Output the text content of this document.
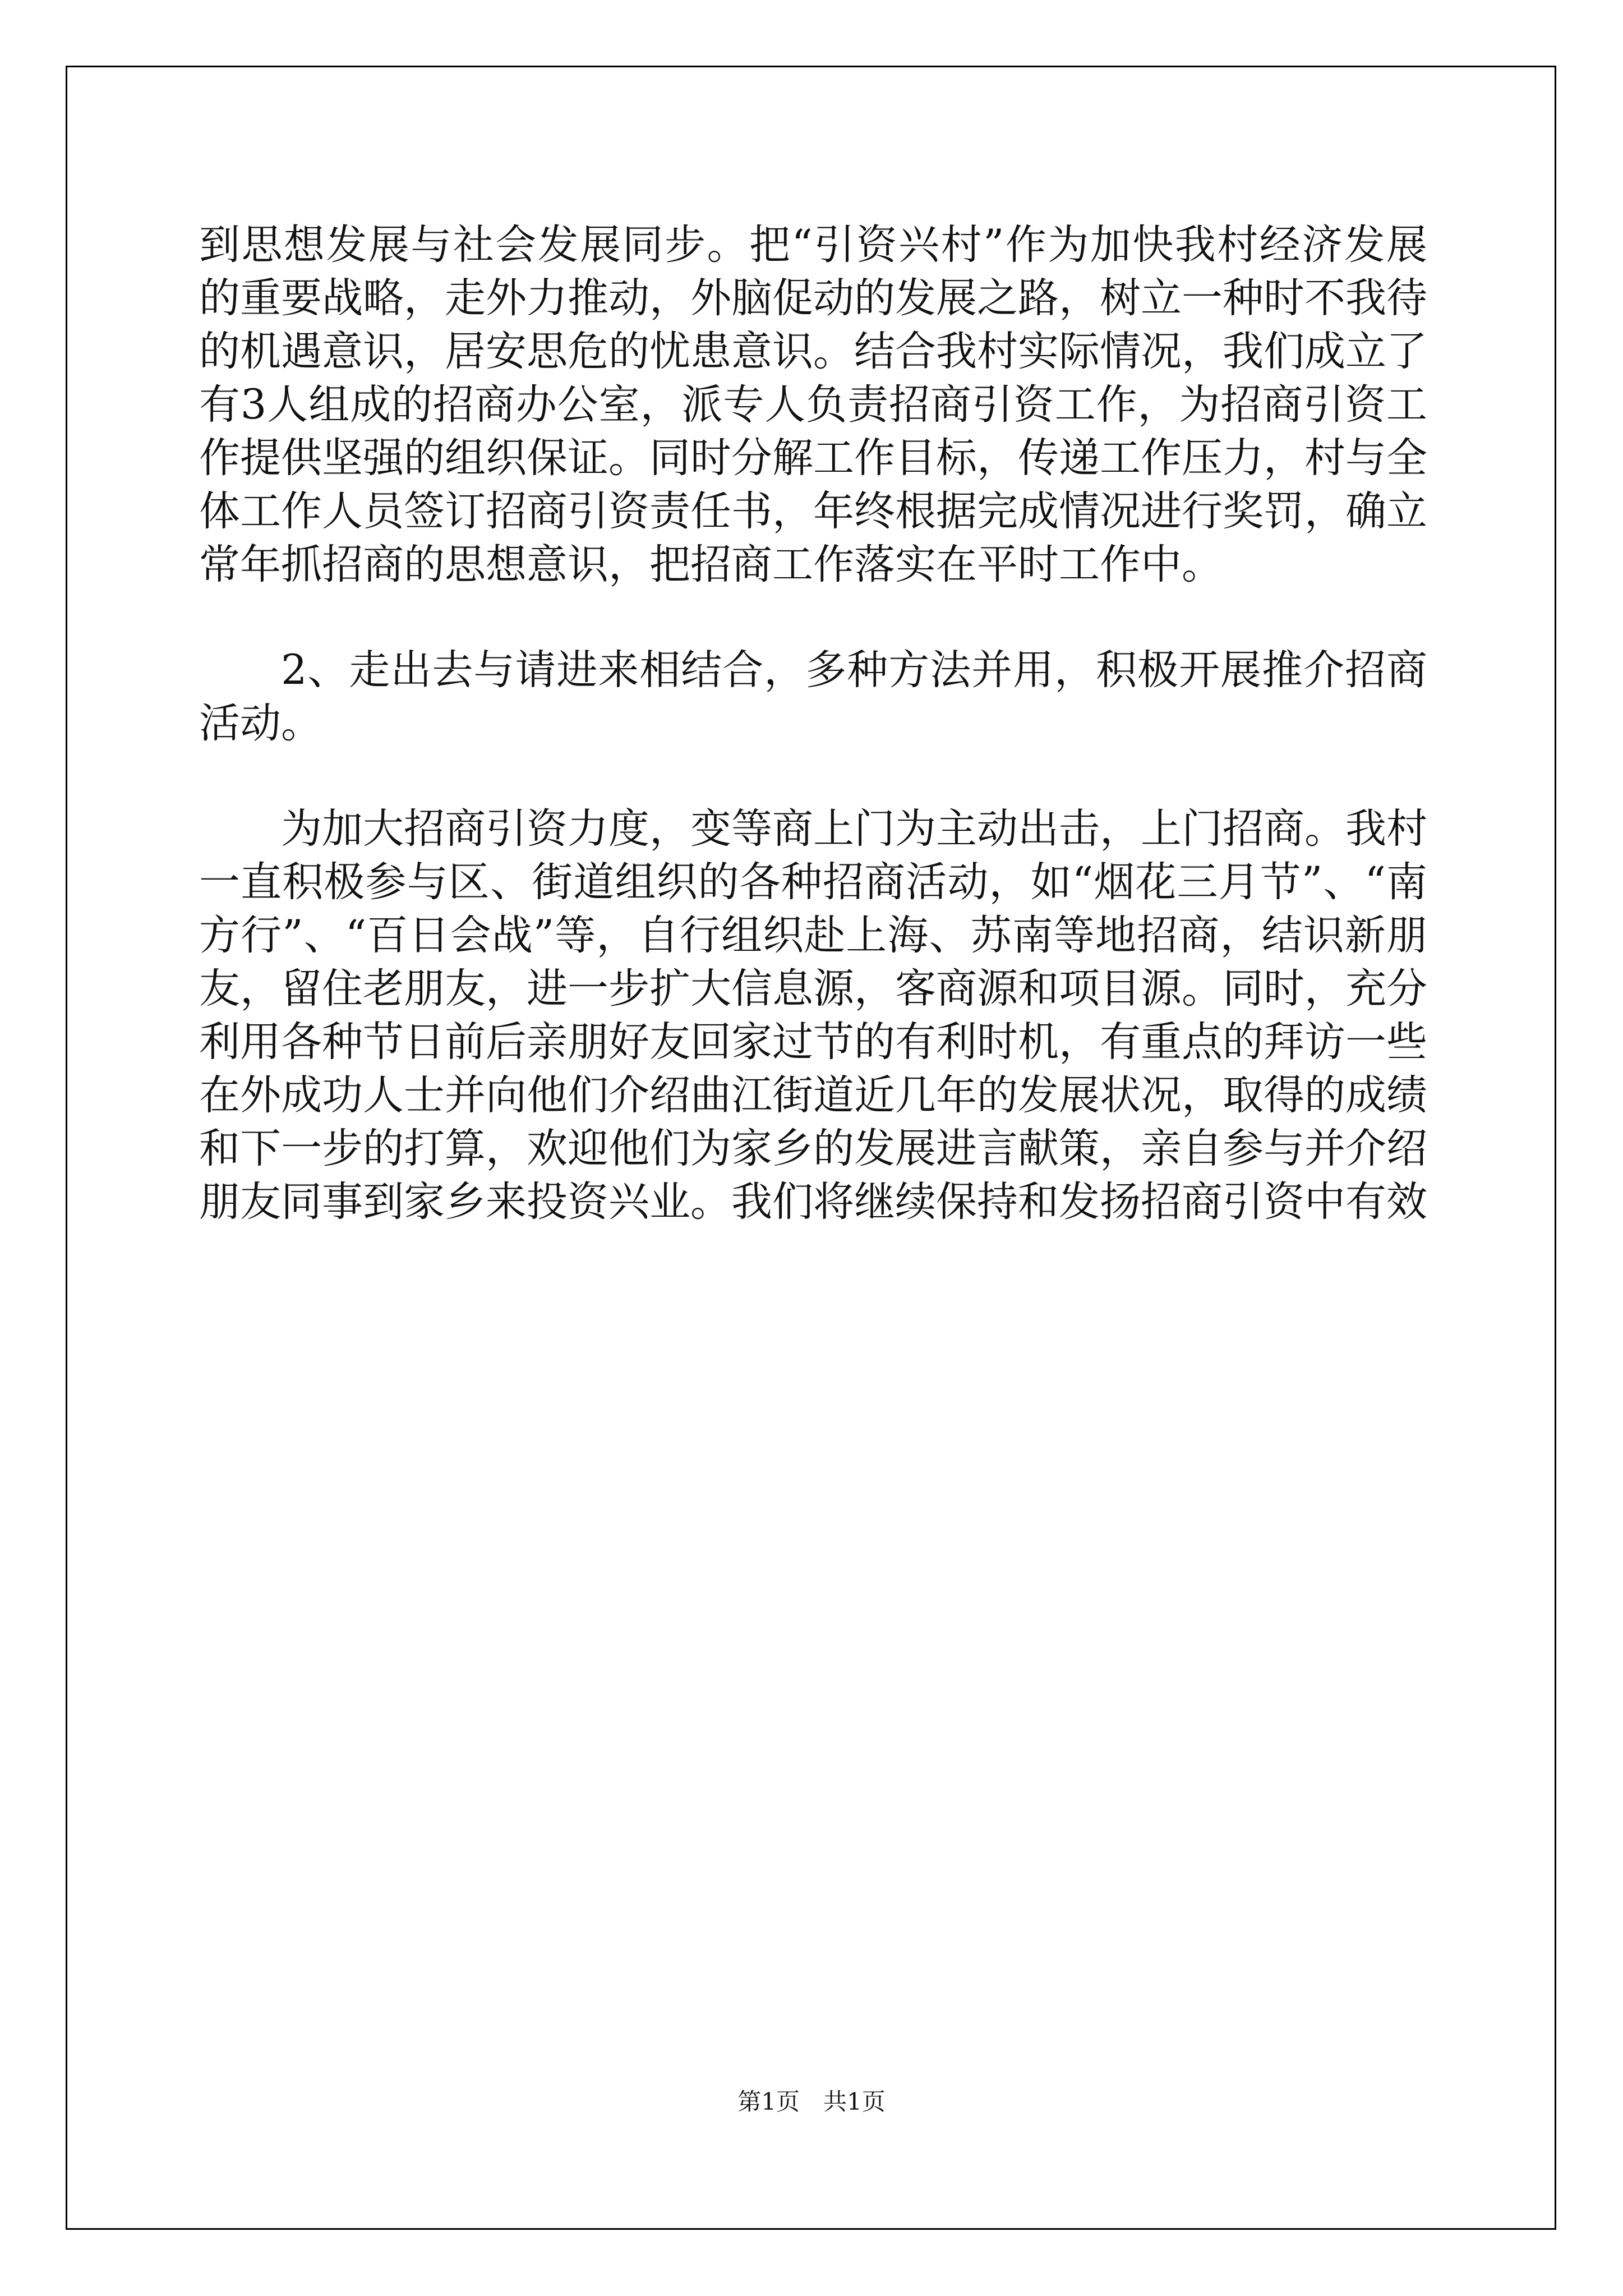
到思想发展与社会发展同步。把“引资兴村”作为加快我村经济发展的重要战略，走外力推动，外脑促动的发展之路，树立一种时不我待的机遇意识，居安思危的忧患意识。结合我村实际情况，我们成立了有3人组成的招商办公室，派专人负责招商引资工作，为招商引资工作提供坚强的组织保证。同时分解工作目标，传递工作压力，村与全体工作人员签订招商引资责任书，年终根据完成情况进行奖罚，确立常年抓招商的思想意识，把招商工作落实在平时工作中。

2、走出去与请进来相结合，多种方法并用，积极开展推介招商活动。

为加大招商引资力度，变等商上门为主动出击，上门招商。我村一直积极参与区、街道组织的各种招商活动，如“烟花三月节”、“南方行”、“百日会战”等，自行组织赴上海、苏南等地招商，结识新朋友，留住老朋友，进一步扩大信息源，客商源和项目源。同时，充分利用各种节日前后亲朋好友回家过节的有利时机，有重点的拜访一些在外成功人士并向他们介绍曲江街道近几年的发展状况，取得的成绩和下一步的打算，欢迎他们为家乡的发展进言献策，亲自参与并介绍朋友同事到家乡来投资兴业。我们将继续保持和发扬招商引资中有效

第1页　共1页
